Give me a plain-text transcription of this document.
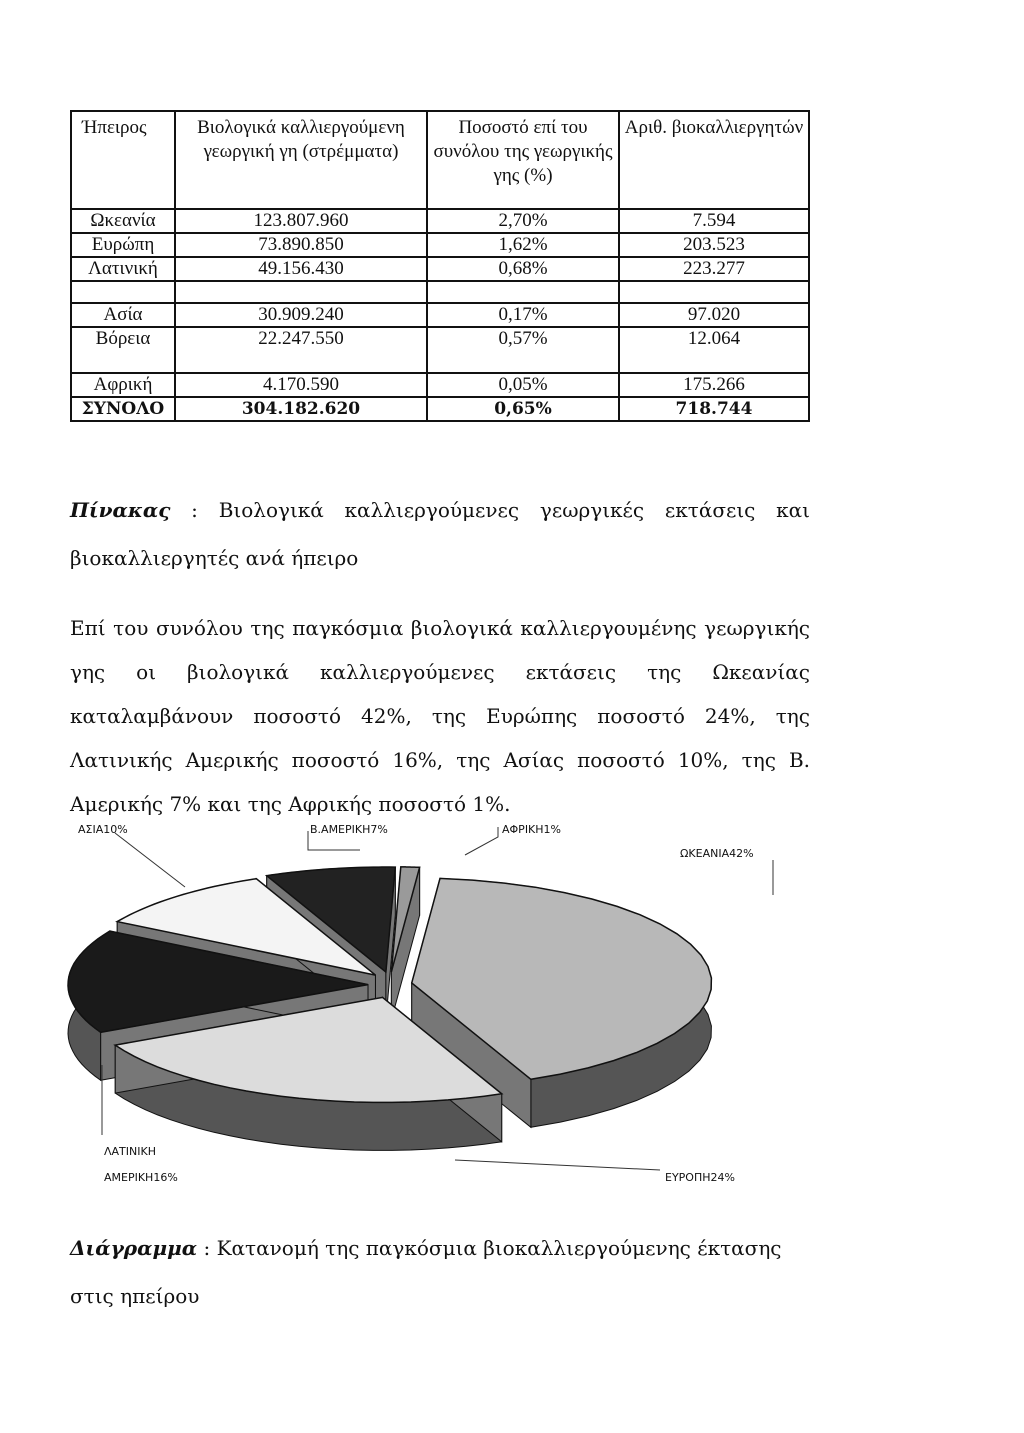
Ήπειρος	Βιολογικά καλλιεργούμενη γεωργική γη (στρέμματα)	Ποσοστό επί του συνόλου της γεωργικής γης (%)	Αριθ. βιοκαλλιεργητών
Ωκεανία	123.807.960	2,70%	7.594
Ευρώπη	73.890.850	1,62%	203.523
Λατινική	49.156.430	0,68%	223.277

Ασία	30.909.240	0,17%	97.020
Βόρεια	22.247.550	0,57%	12.064
Αφρική	4.170.590	0,05%	175.266
ΣΥΝΟΛΟ	304.182.620	0,65%	718.744
Πίνακας : Βιολογικά καλλιεργούμενες γεωργικές εκτάσεις και βιοκαλλιεργητές ανά ήπειρο
Επί του συνόλου της παγκόσμια βιολογικά καλλιεργουμένης γεωργικής γης οι βιολογικά καλλιεργούμενες εκτάσεις της Ωκεανίας καταλαμβάνουν ποσοστό 42%, της Ευρώπης ποσοστό 24%, της Λατινικής Αμερικής ποσοστό 16%, της Ασίας ποσοστό 10%, της Β. Αμερικής 7% και της Αφρικής ποσοστό 1%.
ΑΣΙΑ10%	Β.ΑΜΕΡΙΚΗ7%	ΑΦΡΙΚΗ1%
ΩΚΕΑΝΙΑ42%
ΛΑΤΙΝΙΚΗ
ΑΜΕΡΙΚΗ16%	ΕΥΡΟΠΗ24%
Διάγραμμα : Κατανομή της παγκόσμια βιοκαλλιεργούμενης έκτασης στις ηπείρου
